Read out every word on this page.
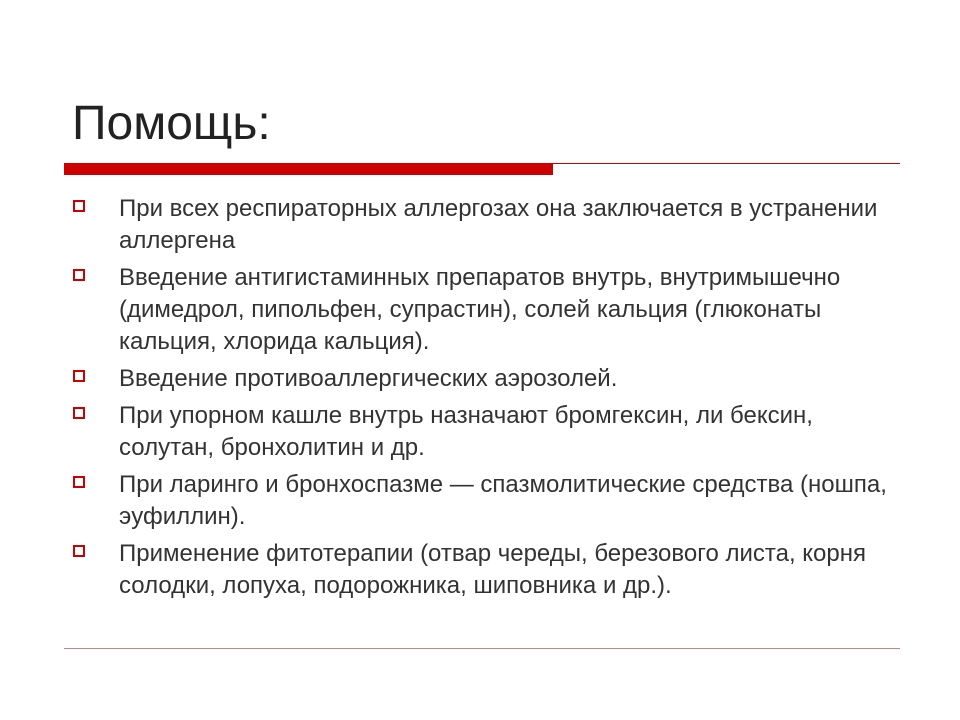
Помощь:
При всех респираторных аллергозах она заключается в устранении аллергена
Введение антигистаминных препаратов внутрь, внутримышечно (димедрол, пипольфен, супрастин), солей кальция (глюконаты кальция, хлорида кальция).
Введение противоаллергических аэрозолей.
При упорном кашле внутрь назначают бромгексин, ли бексин, солутан, бронхолитин и др.
При ларинго и бронхоспазме — спазмолитические средства (ношпа, эуфиллин).
Применение фитотерапии (отвар череды, березового листа, корня солодки, лопуха, подорожника, шиповника и др.).
